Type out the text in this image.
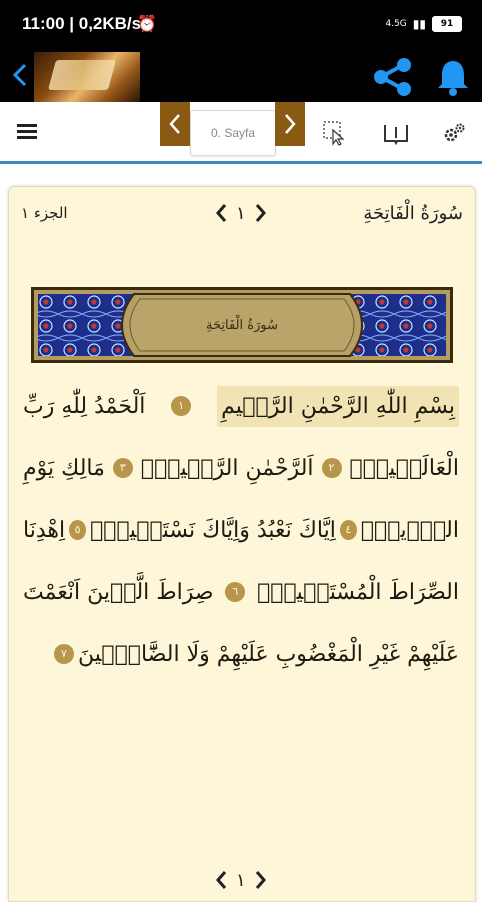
11:00 | 0,2KB/s
⏰	4.5G ▮▮	91
0. Sayfa
سُورَةُ الْفَاتِحَةِ
١
الجزء ١
سُورَةُ الْفَاتِحَةِ
بِسْمِ اللّٰهِ الرَّحْمٰنِ الرَّح۪يمِ
١
اَلْحَمْدُ لِلّٰهِ رَبِّ
الْعَالَم۪ينَۙ
٢
اَلرَّحْمٰنِ الرَّح۪يمِۙ
٣
مَالِكِ يَوْمِ
الدّ۪ينِۜ
٤
اِيَّاكَ نَعْبُدُ وَاِيَّاكَ نَسْتَع۪ينُۜ
٥
اِهْدِنَا
الصِّرَاطَ الْمُسْتَق۪يمَۙ
٦
صِرَاطَ الَّذ۪ينَ اَنْعَمْتَ
عَلَيْهِمْ غَيْرِ الْمَغْضُوبِ عَلَيْهِمْ وَلَا الضَّٓالّ۪ينَ
٧
١
